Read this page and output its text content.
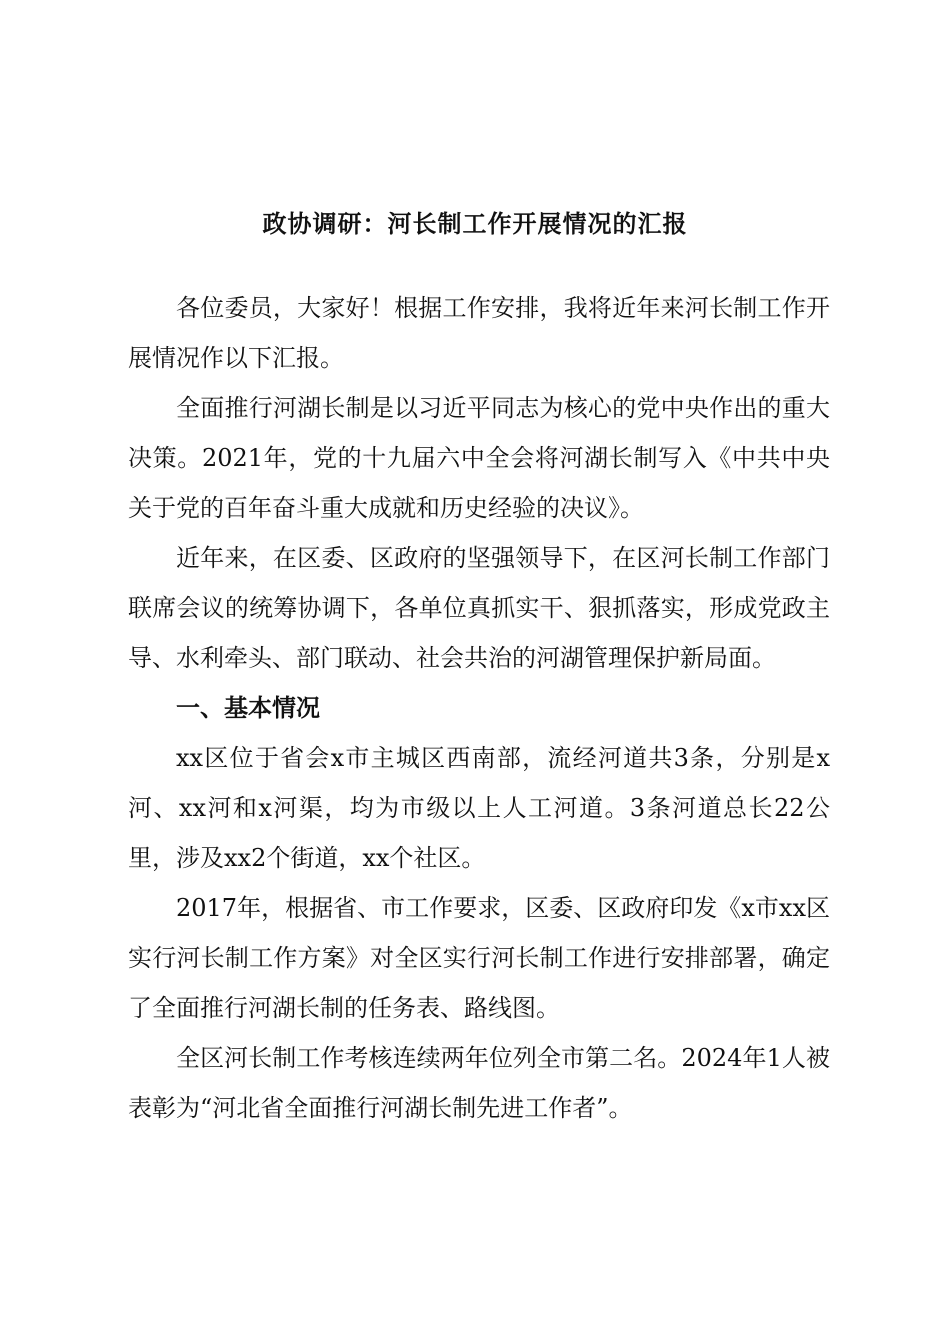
政协调研：河长制工作开展情况的汇报

各位委员，大家好！根据工作安排，我将近年来河长制工作开展情况作以下汇报。

全面推行河湖长制是以习近平同志为核心的党中央作出的重大决策。2021年，党的十九届六中全会将河湖长制写入《中共中央关于党的百年奋斗重大成就和历史经验的决议》。

近年来，在区委、区政府的坚强领导下，在区河长制工作部门联席会议的统筹协调下，各单位真抓实干、狠抓落实，形成党政主导、水利牵头、部门联动、社会共治的河湖管理保护新局面。

一、基本情况

xx区位于省会x市主城区西南部，流经河道共3条，分别是x河、xx河和x河渠，均为市级以上人工河道。3条河道总长22公里，涉及xx2个街道，xx个社区。

2017年，根据省、市工作要求，区委、区政府印发《x市xx区实行河长制工作方案》对全区实行河长制工作进行安排部署，确定了全面推行河湖长制的任务表、路线图。

全区河长制工作考核连续两年位列全市第二名。2024年1人被表彰为“河北省全面推行河湖长制先进工作者”。
